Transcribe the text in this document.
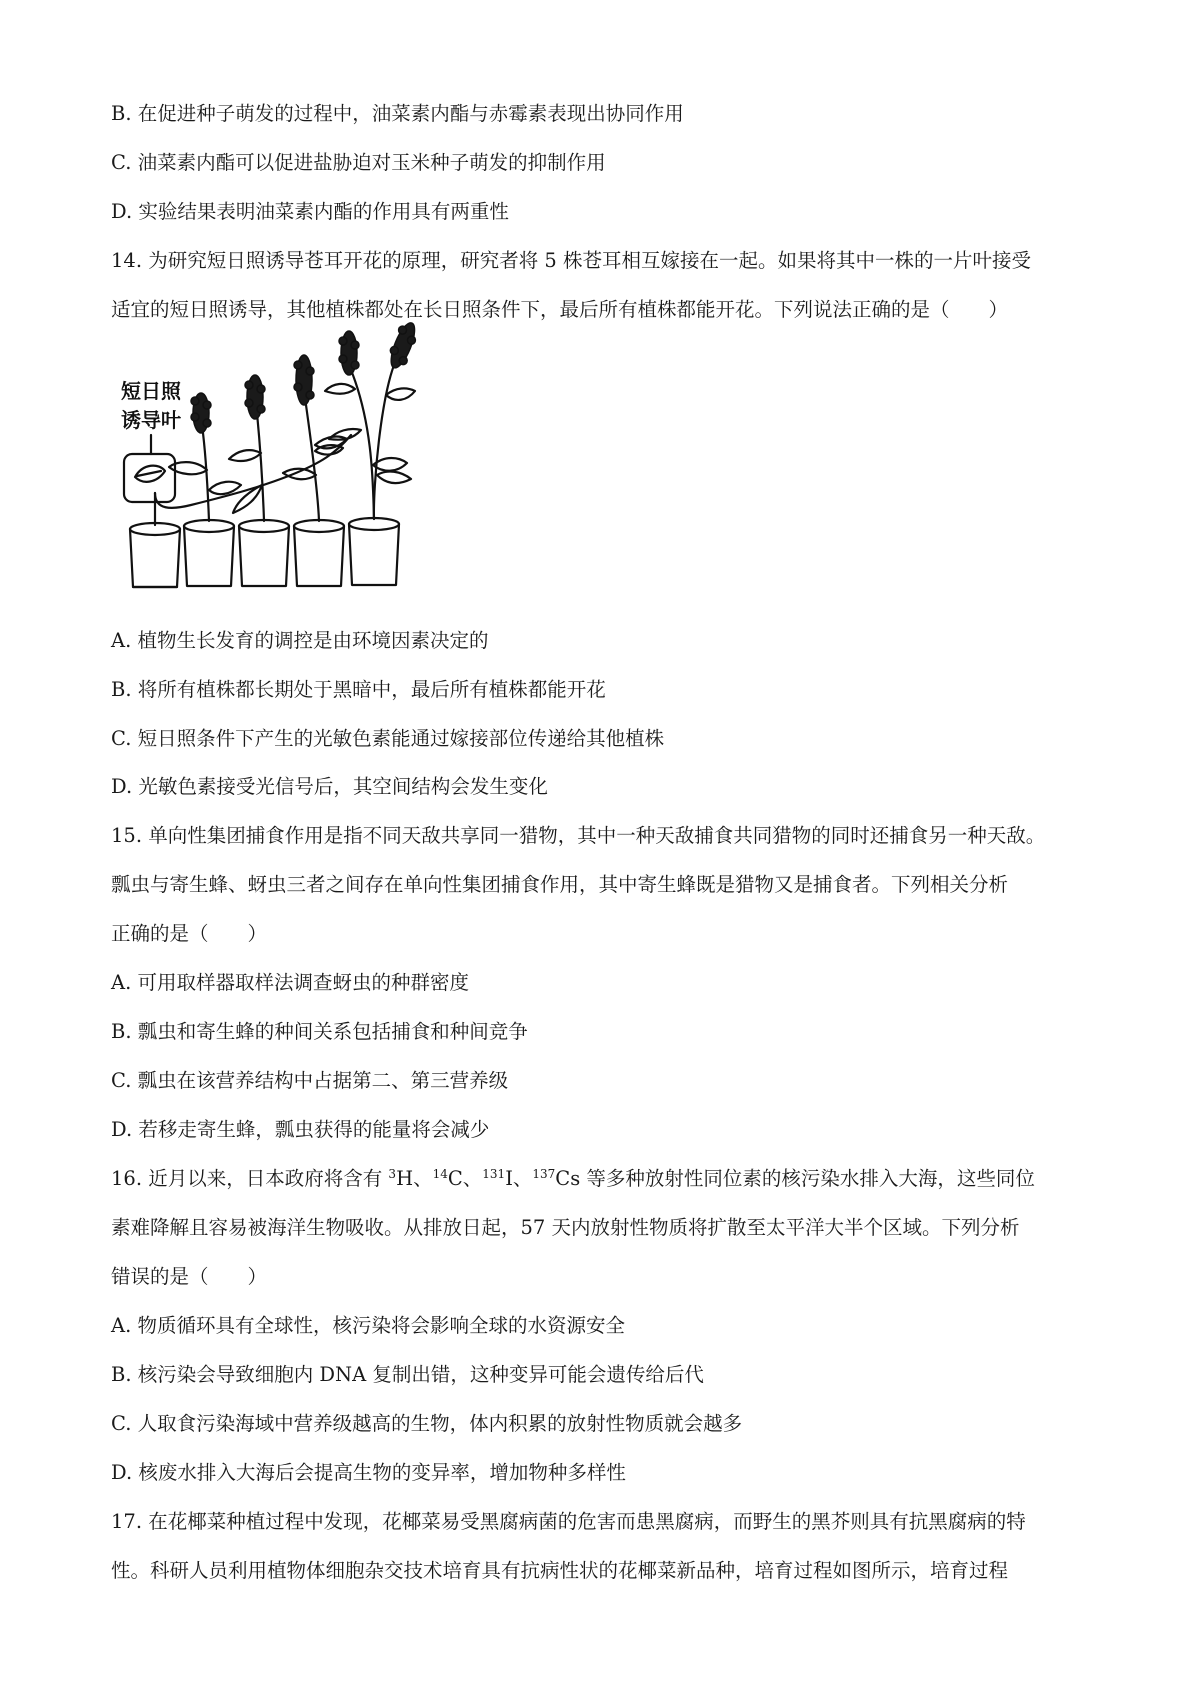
B. 在促进种子萌发的过程中，油菜素内酯与赤霉素表现出协同作用
C. 油菜素内酯可以促进盐胁迫对玉米种子萌发的抑制作用
D. 实验结果表明油菜素内酯的作用具有两重性
14. 为研究短日照诱导苍耳开花的原理，研究者将 5 株苍耳相互嫁接在一起。如果将其中一株的一片叶接受
适宜的短日照诱导，其他植株都处在长日照条件下，最后所有植株都能开花。下列说法正确的是（　　）
短日照
诱导叶
A. 植物生长发育的调控是由环境因素决定的
B. 将所有植株都长期处于黑暗中，最后所有植株都能开花
C. 短日照条件下产生的光敏色素能通过嫁接部位传递给其他植株
D. 光敏色素接受光信号后，其空间结构会发生变化
15. 单向性集团捕食作用是指不同天敌共享同一猎物，其中一种天敌捕食共同猎物的同时还捕食另一种天敌。
瓢虫与寄生蜂、蚜虫三者之间存在单向性集团捕食作用，其中寄生蜂既是猎物又是捕食者。下列相关分析
正确的是（　　）
A. 可用取样器取样法调查蚜虫的种群密度
B. 瓢虫和寄生蜂的种间关系包括捕食和种间竞争
C. 瓢虫在该营养结构中占据第二、第三营养级
D. 若移走寄生蜂，瓢虫获得的能量将会减少
16. 近月以来，日本政府将含有 $^3$H、$^{14}$C、$^{131}$I、$^{137}$Cs 等多种放射性同位素的核污染水排入大海，这些同位
素难降解且容易被海洋生物吸收。从排放日起，57 天内放射性物质将扩散至太平洋大半个区域。下列分析
错误的是（　　）
A. 物质循环具有全球性，核污染将会影响全球的水资源安全
B. 核污染会导致细胞内 DNA 复制出错，这种变异可能会遗传给后代
C. 人取食污染海域中营养级越高的生物，体内积累的放射性物质就会越多
D. 核废水排入大海后会提高生物的变异率，增加物种多样性
17. 在花椰菜种植过程中发现，花椰菜易受黑腐病菌的危害而患黑腐病，而野生的黑芥则具有抗黑腐病的特
性。科研人员利用植物体细胞杂交技术培育具有抗病性状的花椰菜新品种，培育过程如图所示，培育过程
